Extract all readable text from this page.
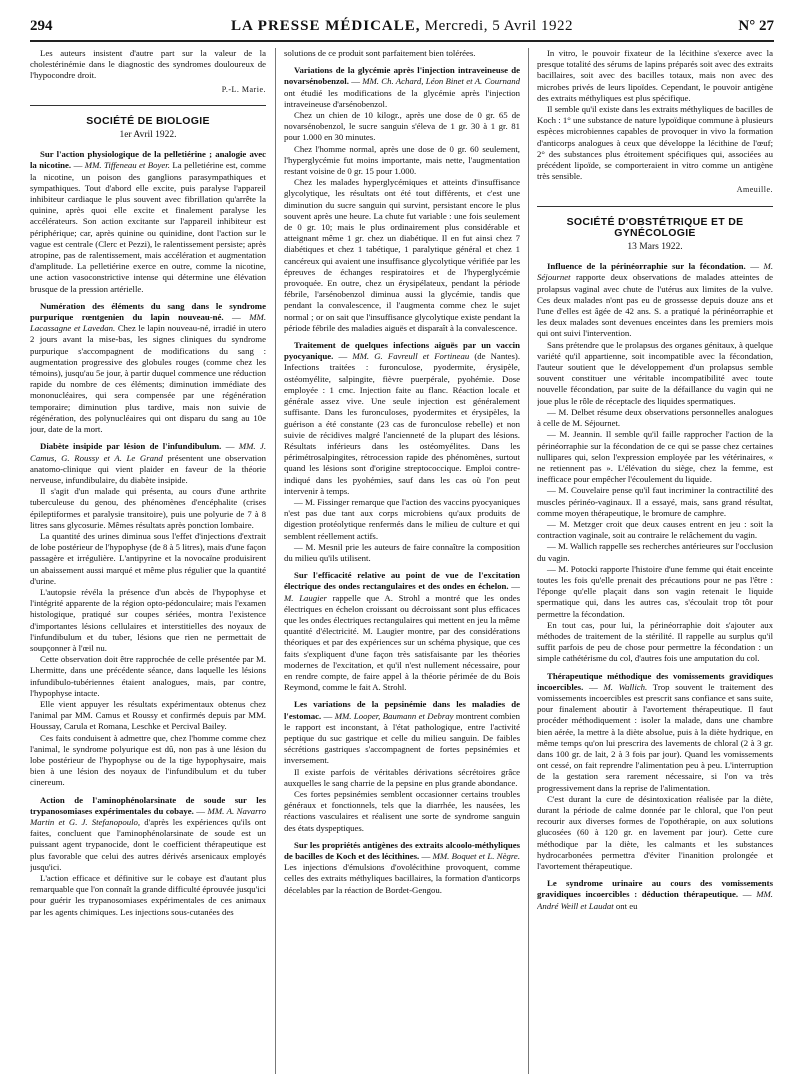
294	LA PRESSE MÉDICALE, Mercredi, 5 Avril 1922	N° 27

Les auteurs insistent d'autre part sur la valeur de la cholestérinémie dans le diagnostic des syndromes douloureux de l'hypocondre droit.

P.-L. Marie.
SOCIÉTÉ DE BIOLOGIE
1er Avril 1922.

Sur l'action physiologique de la pelletiérine ; analogie avec la nicotine. — MM. Tiffeneau et Boyer. La pelletiérine est, comme la nicotine, un poison des ganglions parasympathiques et sympathiques. Tout d'abord elle excite, puis paralyse l'appareil inhibiteur cardiaque le plus souvent avec fibrillation qu'arrête la quinine, après quoi elle excite et finalement paralyse les accélérateurs. Son action excitante sur l'appareil inhibiteur est périphérique; car, après quinine ou quinidine, dont l'action sur le vague est centrale (Clerc et Pezzi), le ralentissement persiste; après atropine, pas de ralentissement, mais accélération et augmentation d'amplitude. La pelletiérine exerce en outre, comme la nicotine, une action vasoconstrictive intense qui détermine une élévation brusque de la pression artérielle.

Numération des éléments du sang dans le syndrome purpurique rœntgenien du lapin nouveau-né. — MM. Lacassagne et Lavedan. Chez le lapin nouveau-né, irradié in utero 2 jours avant la mise-bas, les signes cliniques du syndrome purpurique s'accompagnent de modifications du sang : augmentation progressive des globules rouges (comme chez les témoins), jusqu'au 5e jour, à partir duquel commence une réduction rapide du nombre de ces éléments; diminution immédiate des mononucléaires, qui sera compensée par une régénération temporaire; diminution plus tardive, mais non suivie de régénération, des polynucléaires qui ont disparu du sang au 10e jour, date de la mort.

Diabète insipide par lésion de l'infundibulum. — MM. J. Camus, G. Roussy et A. Le Grand présentent une observation anatomo-clinique qui vient plaider en faveur de la théorie nerveuse, infundibulaire, du diabète insipide.

Il s'agit d'un malade qui présenta, au cours d'une arthrite tuberculeuse du genou, des phénomènes d'encéphalite (crises épileptiformes et paralysie transitoire), puis une polyurie de 7 à 8 litres sans glycosurie. Mêmes résultats après ponction lombaire.

La quantité des urines diminua sous l'effet d'injections d'extrait de lobe postérieur de l'hypophyse (de 8 à 5 litres), mais d'une façon passagère et irrégulière. L'antipyrine et la novocaïne produisirent un abaissement aussi marqué et même plus régulier que la quantité d'urine.

L'autopsie révéla la présence d'un abcès de l'hypophyse et l'intégrité apparente de la région opto-pédonculaire; mais l'examen histologique, pratiqué sur coupes sériées, montra l'existence d'importantes lésions cellulaires et interstitielles des noyaux de l'infundibulum et du tuber, lésions que rien ne permettait de soupçonner à l'œil nu.

Cette observation doit être rapprochée de celle présentée par M. Lhermitte, dans une précédente séance, dans laquelle les lésions infundibulo-tubériennes étaient analogues, mais, par contre, l'hypophyse intacte.

Elle vient appuyer les résultats expérimentaux obtenus chez l'animal par MM. Camus et Roussy et confirmés depuis par MM. Houssay, Carula et Romana, Leschke et Percival Bailey.

Ces faits conduisent à admettre que, chez l'homme comme chez l'animal, le syndrome polyurique est dû, non pas à une lésion du lobe postérieur de l'hypophyse ou de la tige hypophysaire, mais bien à une lésion des noyaux de l'infundibulum et du tuber cinereum.

Action de l'aminophénolarsinate de soude sur les trypanosomiases expérimentales du cobaye. — MM. A. Navarro Martin et G. J. Stefanopoulo, d'après les expériences qu'ils ont faites, concluent que l'aminophénolarsinate de soude est un puissant agent trypanocide, dont le coefficient thérapeutique est plus favorable que celui des autres dérivés arsenicaux employés jusqu'ici.

L'action efficace et définitive sur le cobaye est d'autant plus remarquable que l'on connaît la grande difficulté éprouvée jusqu'ici pour guérir les trypanosomiases expérimentales de ces animaux par les agents chimiques. Les injections sous-cutanées des

solutions de ce produit sont parfaitement bien tolérées.

Variations de la glycémie après l'injection intraveineuse de novarsénobenzol. — MM. Ch. Achard, Léon Binet et A. Cournand ont étudié les modifications de la glycémie après l'injection intraveineuse d'arsénobenzol.

Chez un chien de 10 kilogr., après une dose de 0 gr. 65 de novarsénobenzol, le sucre sanguin s'éleva de 1 gr. 30 à 1 gr. 81 pour 1.000 en 30 minutes.

Chez l'homme normal, après une dose de 0 gr. 60 seulement, l'hyperglycémie fut moins importante, mais nette, l'augmentation restant voisine de 0 gr. 15 pour 1.000.

Chez les malades hyperglycémiques et atteints d'insuffisance glycolytique, les résultats ont été tout différents, et c'est une diminution du sucre sanguin qui survint, persistant encore le plus souvent après une heure. La chute fut variable : une fois seulement de 0 gr. 10; mais le plus ordinairement plus considérable et atteignant même 1 gr. chez un diabétique. Il en fut ainsi chez 7 diabétiques et chez 1 tabétique, 1 paralytique général et chez 1 cancéreux qui avaient une insuffisance glycolytique vérifiée par les épreuves de échanges respiratoires et de l'hyperglycémie provoquée. En outre, chez un érysipélateux, pendant la période fébrile, l'arsénobenzol diminua aussi la glycémie, tandis que pendant la convalescence, il l'augmenta comme chez le sujet normal ; or on sait que l'insuffisance glycolytique existe pendant la période fébrile des maladies aiguës et disparaît à la convalescence.

Traitement de quelques infections aiguës par un vaccin pyocyanique. — MM. G. Favreull et Fortineau (de Nantes). Infections traitées : furonculose, pyodermite, érysipèle, ostéomyélite, salpingite, fièvre puerpérale, pyohémie. Dose employée : 1 cmc. Injection faite au flanc. Réaction locale et générale assez vive. Une seule injection est généralement suffisante. Dans les furonculoses, pyodermites et érysipèles, la guérison a été constante (23 cas de furonculose rebelle) et non suivie de récidives malgré l'ancienneté de la plupart des lésions. Résultats inférieurs dans les ostéomyélites. Dans les périmétrosalpingites, rétrocession rapide des phénomènes, surtout quand les lésions sont d'origine streptococcique. Emploi contre-indiqué dans les pyohémies, sauf dans les cas où l'on peut intervenir à temps.

— M. Fissinger remarque que l'action des vaccins pyocyaniques n'est pas due tant aux corps microbiens qu'aux produits de digestion protéolytique renfermés dans le milieu de culture et qui semblent réellement actifs.

— M. Mesnil prie les auteurs de faire connaître la composition du milieu qu'ils utilisent.

Sur l'efficacité relative au point de vue de l'excitation électrique des ondes rectangulaires et des ondes en échelon. — M. Laugier rappelle que A. Strohl a montré que les ondes électriques en échelon croissant ou décroissant sont plus efficaces que les ondes électriques rectangulaires qui mettent en jeu la même quantité d'électricité. M. Laugier montre, par des considérations théoriques et par des expériences sur un schéma physique, que ces faits s'expliquent d'une façon très satisfaisante par les théories modernes de l'excitation, et qu'il n'est nullement nécessaire, pour en rendre compte, de faire appel à la théorie périmée de du Bois Reymond, comme le fait A. Strohl.

Les variations de la pepsinémie dans les maladies de l'estomac. — MM. Looper, Baumann et Debray montrent combien le rapport est inconstant, à l'état pathologique, entre l'activité peptique du suc gastrique et celle du milieu sanguin. De faibles sécrétions gastriques s'accompagnent de fortes pepsinémies et inversement.

Il existe parfois de véritables dérivations sécrétoires grâce auxquelles le sang charrie de la pepsine en plus grande abondance.

Ces fortes pepsinémies semblent occasionner certains troubles généraux et fonctionnels, tels que la diarrhée, les nausées, les réactions vasculaires et réalisent une sorte de syndrome sanguin des états dyspeptiques.

Sur les propriétés antigènes des extraits alcoolo-méthyliques de bacilles de Koch et des lécithines. — MM. Boquet et L. Nègre. Les injections d'émulsions d'ovolécithine provoquent, comme celles des extraits méthyliques bacillaires, la formation d'anticorps décelables par la réaction de Bordet-Gengou.

In vitro, le pouvoir fixateur de la lécithine s'exerce avec la presque totalité des sérums de lapins préparés soit avec des extraits bacillaires, soit avec des bacilles totaux, mais non avec des microbes privés de leurs lipoïdes. Cependant, le pouvoir antigène des extraits méthyliques est plus spécifique.

Il semble qu'il existe dans les extraits méthyliques de bacilles de Koch : 1° une substance de nature lypoïdique commune à plusieurs espèces microbiennes capables de provoquer in vivo la formation d'anticorps analogues à ceux que développe la lécithine de l'œuf; 2° des substances plus étroitement spécifiques qui, associées au précédent lipoïde, se comporteraient in vitro comme un antigène très sensible.

Ameuille.
SOCIÉTÉ D'OBSTÉTRIQUE ET DE GYNÉCOLOGIE
13 Mars 1922.

Influence de la périnéorraphie sur la fécondation. — M. Séjournet rapporte deux observations de malades atteintes de prolapsus vaginal avec chute de l'utérus aux limites de la vulve. Ces deux malades n'ont pas eu de grossesse depuis douze ans et l'une d'elles est âgée de 42 ans. S. a pratiqué la périnéorraphie et les deux malades sont devenues enceintes dans les premiers mois qui ont suivi l'intervention.

Sans prétendre que le prolapsus des organes génitaux, à quelque variété qu'il appartienne, soit incompatible avec la fécondation, l'auteur soutient que le développement d'un prolapsus semble souvent constituer une véritable incompatibilité avec toute nouvelle fécondation, par suite de la défaillance du vagin qui ne joue plus le rôle de réceptacle des liquides spermatiques.

— M. Delbet résume deux observations personnelles analogues à celle de M. Séjournet.

— M. Jeannin. Il semble qu'il faille rapprocher l'action de la périnéorraphie sur la fécondation de ce qui se passe chez certaines nullipares qui, selon l'expression employée par les vétérinaires, « ne retiennent pas ». L'élévation du siège, chez la femme, est inefficace pour empêcher l'écoulement du liquide.

— M. Couvelaire pense qu'il faut incriminer la contractilité des muscles périnéo-vaginaux. Il a essayé, mais, sans grand résultat, comme moyen thérapeutique, le bromure de camphre.

— M. Metzger croit que deux causes entrent en jeu : soit la contraction vaginale, soit au contraire le relâchement du vagin.

— M. Wallich rappelle ses recherches antérieures sur l'occlusion du vagin.

— M. Potocki rapporte l'histoire d'une femme qui était enceinte toutes les fois qu'elle prenait des précautions pour ne pas l'être : l'éponge qu'elle plaçait dans son vagin retenait le liquide spermatique qui, dans les autres cas, s'écoulait trop tôt pour permettre la fécondation.

En tout cas, pour lui, la périnéorraphie doit s'ajouter aux méthodes de traitement de la stérilité. Il rappelle au surplus qu'il suffit parfois de peu de chose pour permettre la fécondation : un simple cathétérisme du col, d'autres fois une amputation du col.

Thérapeutique méthodique des vomissements gravidiques incoercibles. — M. Wallich. Trop souvent le traitement des vomissements incoercibles est prescrit sans confiance et sans suite, pour finalement aboutir à l'avortement thérapeutique. Il faut procéder méthodiquement : isoler la malade, dans une chambre bien aérée, la mettre à la diète absolue, puis à la diète hydrique, en même temps qu'on lui prescrira des lavements de chloral (2 à 3 gr. dans 100 gr. de lait, 2 à 3 fois par jour). Quand les vomissements ont cessé, on fait reprendre l'alimentation peu à peu. L'interruption de la gestation sera rarement nécessaire, si l'on va très progressivement dans la reprise de l'alimentation.

C'est durant la cure de désintoxication réalisée par la diète, durant la période de calme donnée par le chloral, que l'on peut recourir aux diverses formes de l'opothérapie, on aux solutions glucosées (60 à 120 gr. en lavement par jour). Cette cure méthodique par la diète, les calmants et les substances hydrocarbonées permettra d'éviter l'inanition prolongée et l'avortement thérapeutique.

Le syndrome urinaire au cours des vomissements gravidiques incoercibles : déduction thérapeutique. — MM. André Weill et Laudat ont eu
